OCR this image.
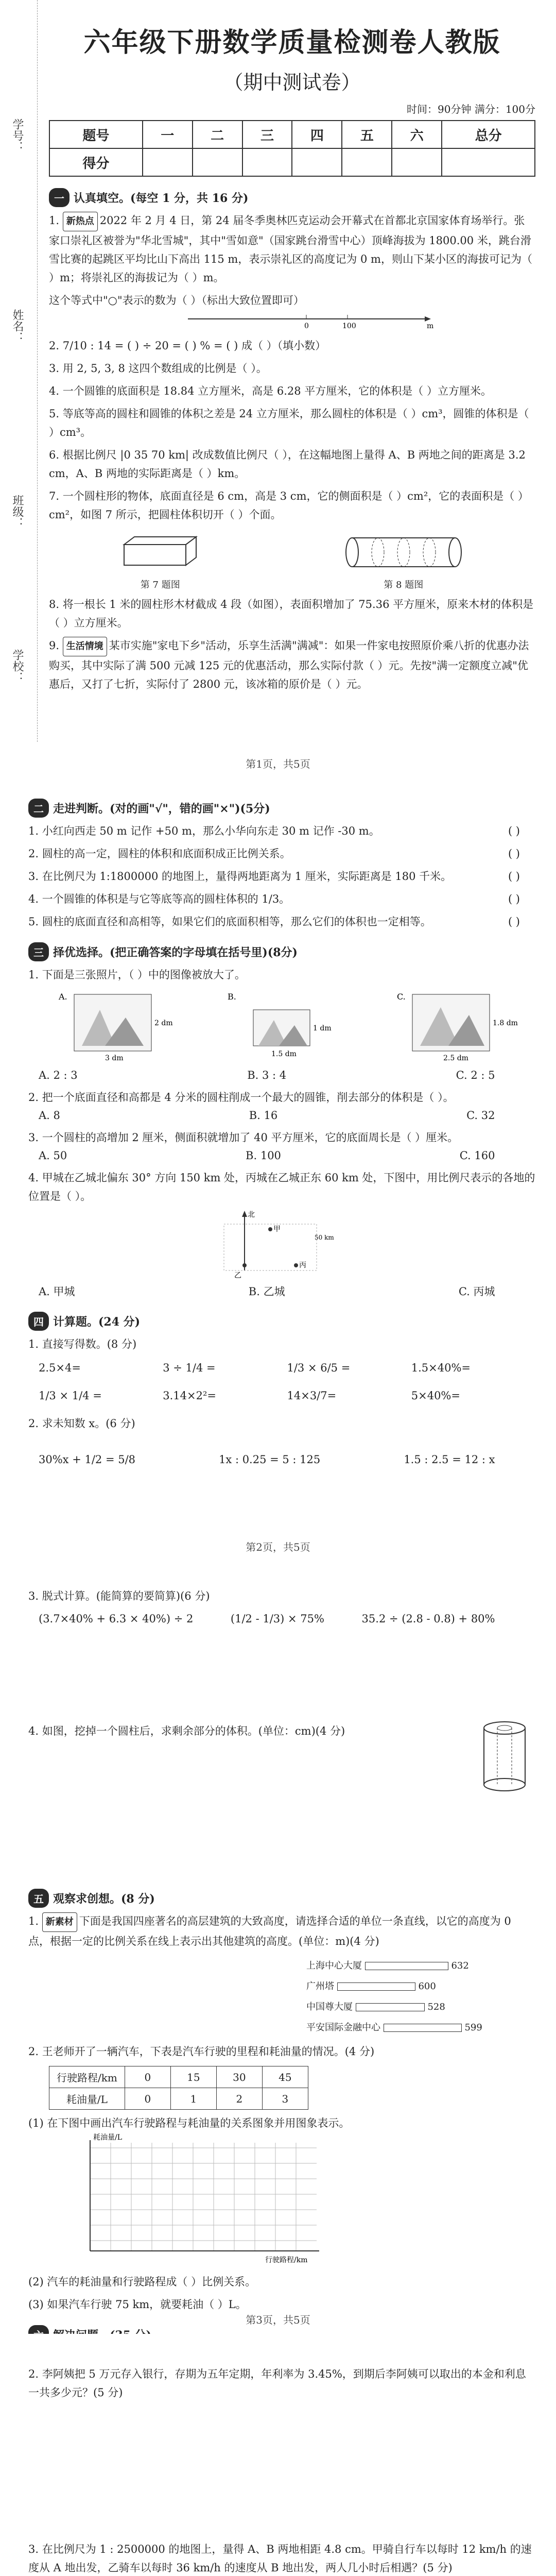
学号：
姓名：
班级：
学校：
六年级下册数学质量检测卷人教版
（期中测试卷）
时间：90分钟 满分：100分
题号	一	二	三	四	五	六	总分
得分							
一 认真填空。(每空 1 分，共 16 分)
1. 新热点 2022 年 2 月 4 日，第 24 届冬季奥林匹克运动会开幕式在首都北京国家体育场举行。张家口崇礼区被誉为"华北雪城"，其中"雪如意"（国家跳台滑雪中心）顶峰海拔为 1800.00 米，跳台滑雪比赛的起跳区平均比山下高出 115 m，表示崇礼区的高度记为 0 m，则山下某小区的海拔可记为（ ）m；将崇礼区的海拔记为（ ）m。
这个等式中"○"表示的数为（ ）（标出大致位置即可）
0	100	m
2. 7/10 : 14 = ( ) ÷ 20 = ( ) % = ( ) 成（ ）（填小数）
3. 用 2, 5, 3, 8 这四个数组成的比例是（ ）。
4. 一个圆锥的底面积是 18.84 立方厘米，高是 6.28 平方厘米，它的体积是（ ）立方厘米。
5. 等底等高的圆柱和圆锥的体积之差是 24 立方厘米，那么圆柱的体积是（ ）cm³，圆锥的体积是（ ）cm³。
6. 根据比例尺 |0 35 70 km| 改成数值比例尺（ ），在这幅地图上量得 A、B 两地之间的距离是 3.2 cm，A、B 两地的实际距离是（ ）km。
7. 一个圆柱形的物体，底面直径是 6 cm，高是 3 cm，它的侧面积是（ ）cm²，它的表面积是（ ）cm²，如图 7 所示，把圆柱体积切开（ ）个面。
第 7 题图	第 8 题图
8. 将一根长 1 米的圆柱形木材截成 4 段（如图），表面积增加了 75.36 平方厘米，原来木材的体积是（ ）立方厘米。
9. 生活情境 某市实施"家电下乡"活动，乐享生活满"满减"：如果一件家电按照原价乘八折的优惠办法购买，其中实际了满 500 元减 125 元的优惠活动，那么实际付款（ ）元。先按"满一定额度立减"优惠后，又打了七折，实际付了 2800 元，该冰箱的原价是（ ）元。
第1页，共5页
二 走进判断。(对的画"√"，错的画"×")(5分)
1. 小红向西走 50 m 记作 +50 m，那么小华向东走 30 m 记作 -30 m。	( )
2. 圆柱的高一定，圆柱的体积和底面积成正比例关系。	( )
3. 在比例尺为 1:1800000 的地图上，量得两地距离为 1 厘米，实际距离是 180 千米。	( )
4. 一个圆锥的体积是与它等底等高的圆柱体积的 1/3。	( )
5. 圆柱的底面直径和高相等，如果它们的底面积相等，那么它们的体积也一定相等。	( )
三 择优选择。(把正确答案的字母填在括号里)(8分)
1. 下面是三张照片，（ ）中的图像被放大了。
2 dm
3 dm
A.
1 dm
1.5 dm
B.
1.8 dm
2.5 dm
C.
A. 2 : 3	B. 3 : 4	C. 2 : 5
2. 把一个底面直径和高都是 4 分米的圆柱削成一个最大的圆锥，削去部分的体积是（ ）。
A. 8	B. 16	C. 32
3. 一个圆柱的高增加 2 厘米，侧面积就增加了 40 平方厘米，它的底面周长是（ ）厘米。
A. 50	B. 100	C. 160
4. 甲城在乙城北偏东 30° 方向 150 km 处，丙城在乙城正东 60 km 处，下图中，用比例尺表示的各地的位置是（ ）。
北
甲
乙
丙
50 km
A. 甲城	B. 乙城	C. 丙城
四 计算题。(24 分)
1. 直接写得数。(8 分)
2.5×4=	3 ÷ 1/4 =	1/3 × 6/5 =	1.5×40%=
1/3 × 1/4 =	3.14×2²=	14×3/7=	5×40%=
2. 求未知数 x。(6 分)
30%x + 1/2 = 5/8	1x : 0.25 = 5 : 125	1.5 : 2.5 = 12 : x
第2页，共5页
3. 脱式计算。(能简算的要简算)(6 分)
(3.7×40% + 6.3 × 40%) ÷ 2	(1/2 - 1/3) × 75%	35.2 ÷ (2.8 - 0.8) + 80%
4. 如图，挖掉一个圆柱后，求剩余部分的体积。(单位：cm)(4 分)
五 观察求创想。(8 分)
1. 新素材 下面是我国四座著名的高层建筑的大致高度，请选择合适的单位一条直线，以它的高度为 0 点，根据一定的比例关系在线上表示出其他建筑的高度。(单位：m)(4 分)
上海中心大厦	632
广州塔	600
中国尊大厦	528
平安国际金融中心	599
2. 王老师开了一辆汽车，下表是汽车行驶的里程和耗油量的情况。(4 分)
行驶路程/km	0	15	30	45
耗油量/L	0	1	2	3
(1) 在下图中画出汽车行驶路程与耗油量的关系图象并用图象表示。
耗油量/L
行驶路程/km
(2) 汽车的耗油量和行驶路程成（ ）比例关系。
(3) 如果汽车行驶 75 km，就要耗油（ ）L。
第3页，共5页
2. 李阿姨把 5 万元存入银行，存期为五年定期，年利率为 3.45%，到期后李阿姨可以取出的本金和利息一共多少元？(5 分)
3. 在比例尺为 1 : 2500000 的地图上，量得 A、B 两地相距 4.8 cm。甲骑自行车以每时 12 km/h 的速度从 A 地出发，乙骑车以每时 36 km/h 的速度从 B 地出发，两人几小时后相遇？(5 分)
